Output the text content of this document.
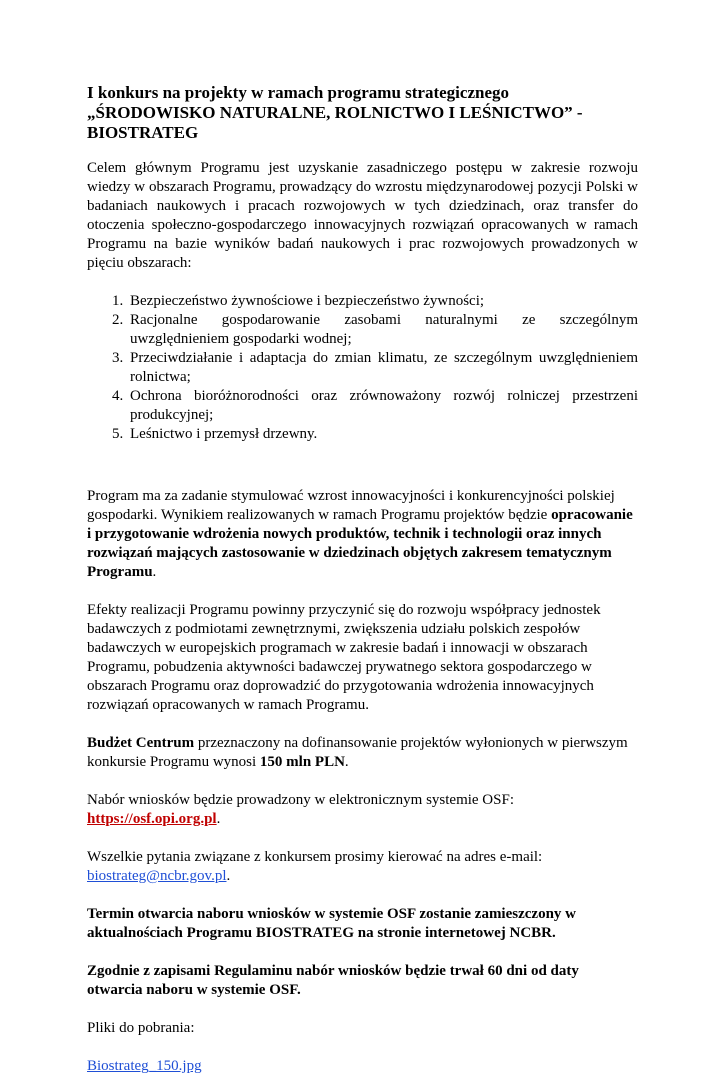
I konkurs na projekty w ramach programu strategicznego „ŚRODOWISKO NATURALNE, ROLNICTWO I LEŚNICTWO” - BIOSTRATEG

Celem głównym Programu jest uzyskanie zasadniczego postępu w zakresie rozwoju wiedzy w obszarach Programu, prowadzący do wzrostu międzynarodowej pozycji Polski w badaniach naukowych i pracach rozwojowych w tych dziedzinach, oraz transfer do otoczenia społeczno-gospodarczego innowacyjnych rozwiązań opracowanych w ramach Programu na bazie wyników badań naukowych i prac rozwojowych prowadzonych w pięciu obszarach:

1. Bezpieczeństwo żywnościowe i bezpieczeństwo żywności;
2. Racjonalne gospodarowanie zasobami naturalnymi ze szczególnym uwzględnieniem gospodarki wodnej;
3. Przeciwdziałanie i adaptacja do zmian klimatu, ze szczególnym uwzględnieniem rolnictwa;
4. Ochrona bioróżnorodności oraz zrównoważony rozwój rolniczej przestrzeni produkcyjnej;
5. Leśnictwo i przemysł drzewny.

Program ma za zadanie stymulować wzrost innowacyjności i konkurencyjności polskiej gospodarki. Wynikiem realizowanych w ramach Programu projektów będzie opracowanie i przygotowanie wdrożenia nowych produktów, technik i technologii oraz innych rozwiązań mających zastosowanie w dziedzinach objętych zakresem tematycznym Programu.

Efekty realizacji Programu powinny przyczynić się do rozwoju współpracy jednostek badawczych z podmiotami zewnętrznymi, zwiększenia udziału polskich zespołów badawczych w europejskich programach w zakresie badań i innowacji w obszarach Programu, pobudzenia aktywności badawczej prywatnego sektora gospodarczego w obszarach Programu oraz doprowadzić do przygotowania wdrożenia innowacyjnych rozwiązań opracowanych w ramach Programu.

Budżet Centrum przeznaczony na dofinansowanie projektów wyłonionych w pierwszym konkursie Programu wynosi 150 mln PLN.

Nabór wniosków będzie prowadzony w elektronicznym systemie OSF: https://osf.opi.org.pl.

Wszelkie pytania związane z konkursem prosimy kierować na adres e-mail: biostrateg@ncbr.gov.pl.

Termin otwarcia naboru wniosków w systemie OSF zostanie zamieszczony w aktualnościach Programu BIOSTRATEG na stronie internetowej NCBR.

Zgodnie z zapisami Regulaminu nabór wniosków będzie trwał 60 dni od daty otwarcia naboru w systemie OSF.

Pliki do pobrania:

Biostrateg_150.jpg
